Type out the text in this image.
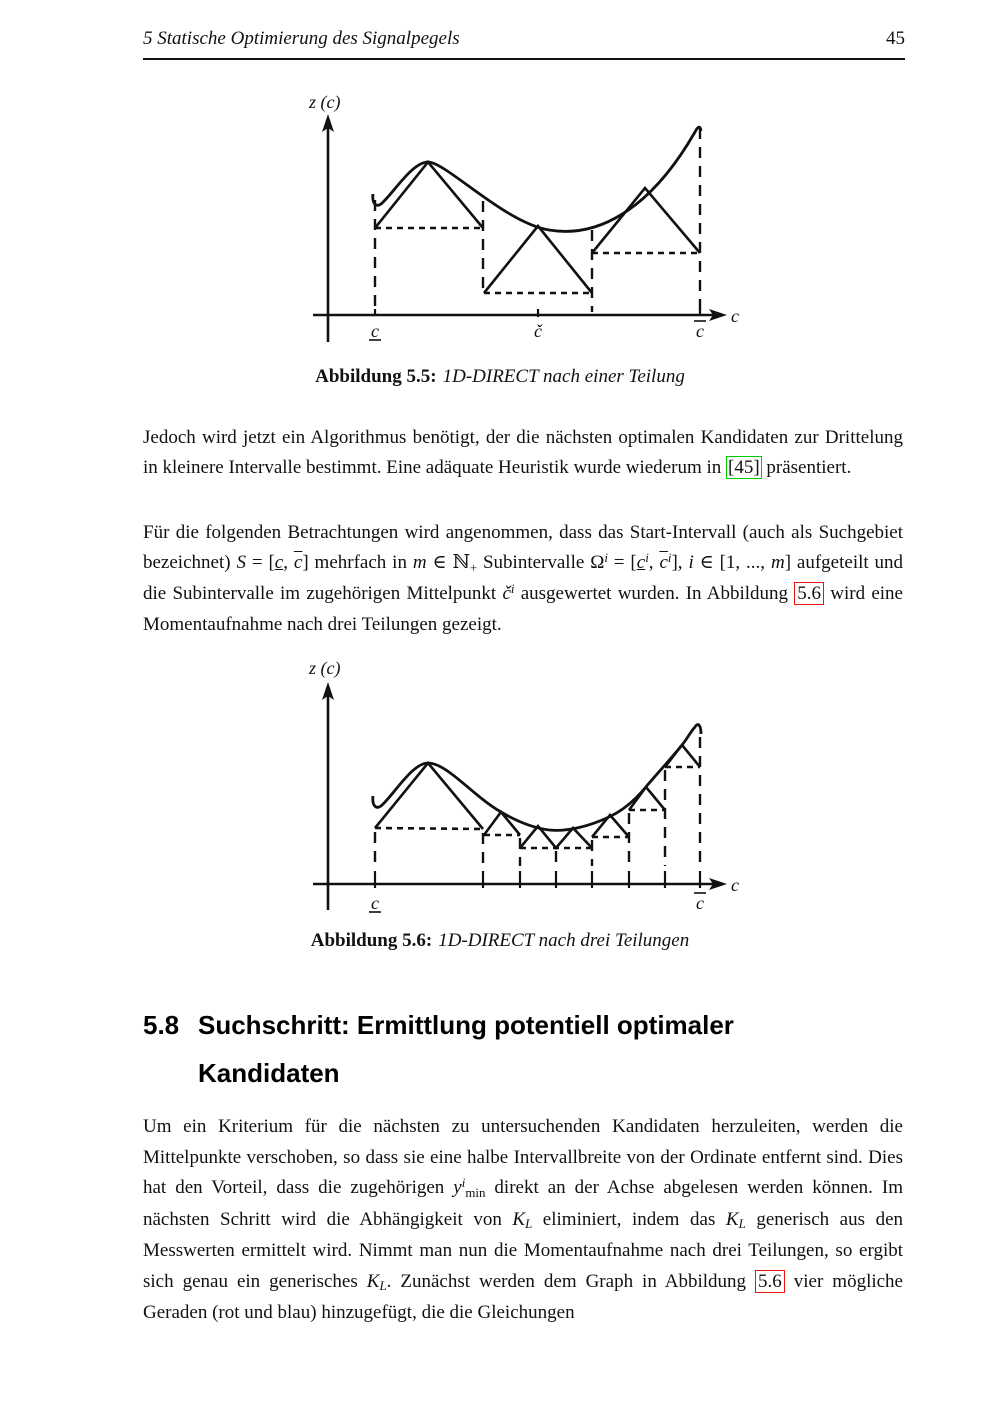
5 Statische Optimierung des Signalpegels	45
z (c)
c
c	č	c
Abbildung 5.5: 1D-DIRECT nach einer Teilung
Jedoch wird jetzt ein Algorithmus benötigt, der die nächsten optimalen Kandidaten zur Drittelung in kleinere Intervalle bestimmt. Eine adäquate Heuristik wurde wiederum in [45] präsentiert.
Für die folgenden Betrachtungen wird angenommen, dass das Start-Intervall (auch als Suchgebiet bezeichnet) S = [c, $\overline{c}$] mehrfach in m ∈ ℕ+ Subintervalle $\Omega^i = [c^i$, $\overline{c}^i$], i ∈ [1, ..., m] aufgeteilt und die Subintervalle im zugehörigen Mittelpunkt $č^i$ ausgewertet wurden. In Abbildung 5.6 wird eine Momentaufnahme nach drei Teilungen gezeigt.
z (c)
c
c	c
Abbildung 5.6: 1D-DIRECT nach drei Teilungen
5.8 Suchschritt: Ermittlung potentiell optimaler
Kandidaten
Um ein Kriterium für die nächsten zu untersuchenden Kandidaten herzuleiten, werden die Mittelpunkte verschoben, so dass sie eine halbe Intervallbreite von der Ordinate entfernt sind. Dies hat den Vorteil, dass die zugehörigen $y^i\min$ direkt an der Achse abgelesen werden können. Im nächsten Schritt wird die Abhängigkeit von KL eliminiert, indem das KL generisch aus den Messwerten ermittelt wird. Nimmt man nun die Momentaufnahme nach drei Teilungen, so ergibt sich genau ein generisches KL. Zunächst werden dem Graph in Abbildung 5.6 vier mögliche Geraden (rot und blau) hinzugefügt, die die Gleichungen
